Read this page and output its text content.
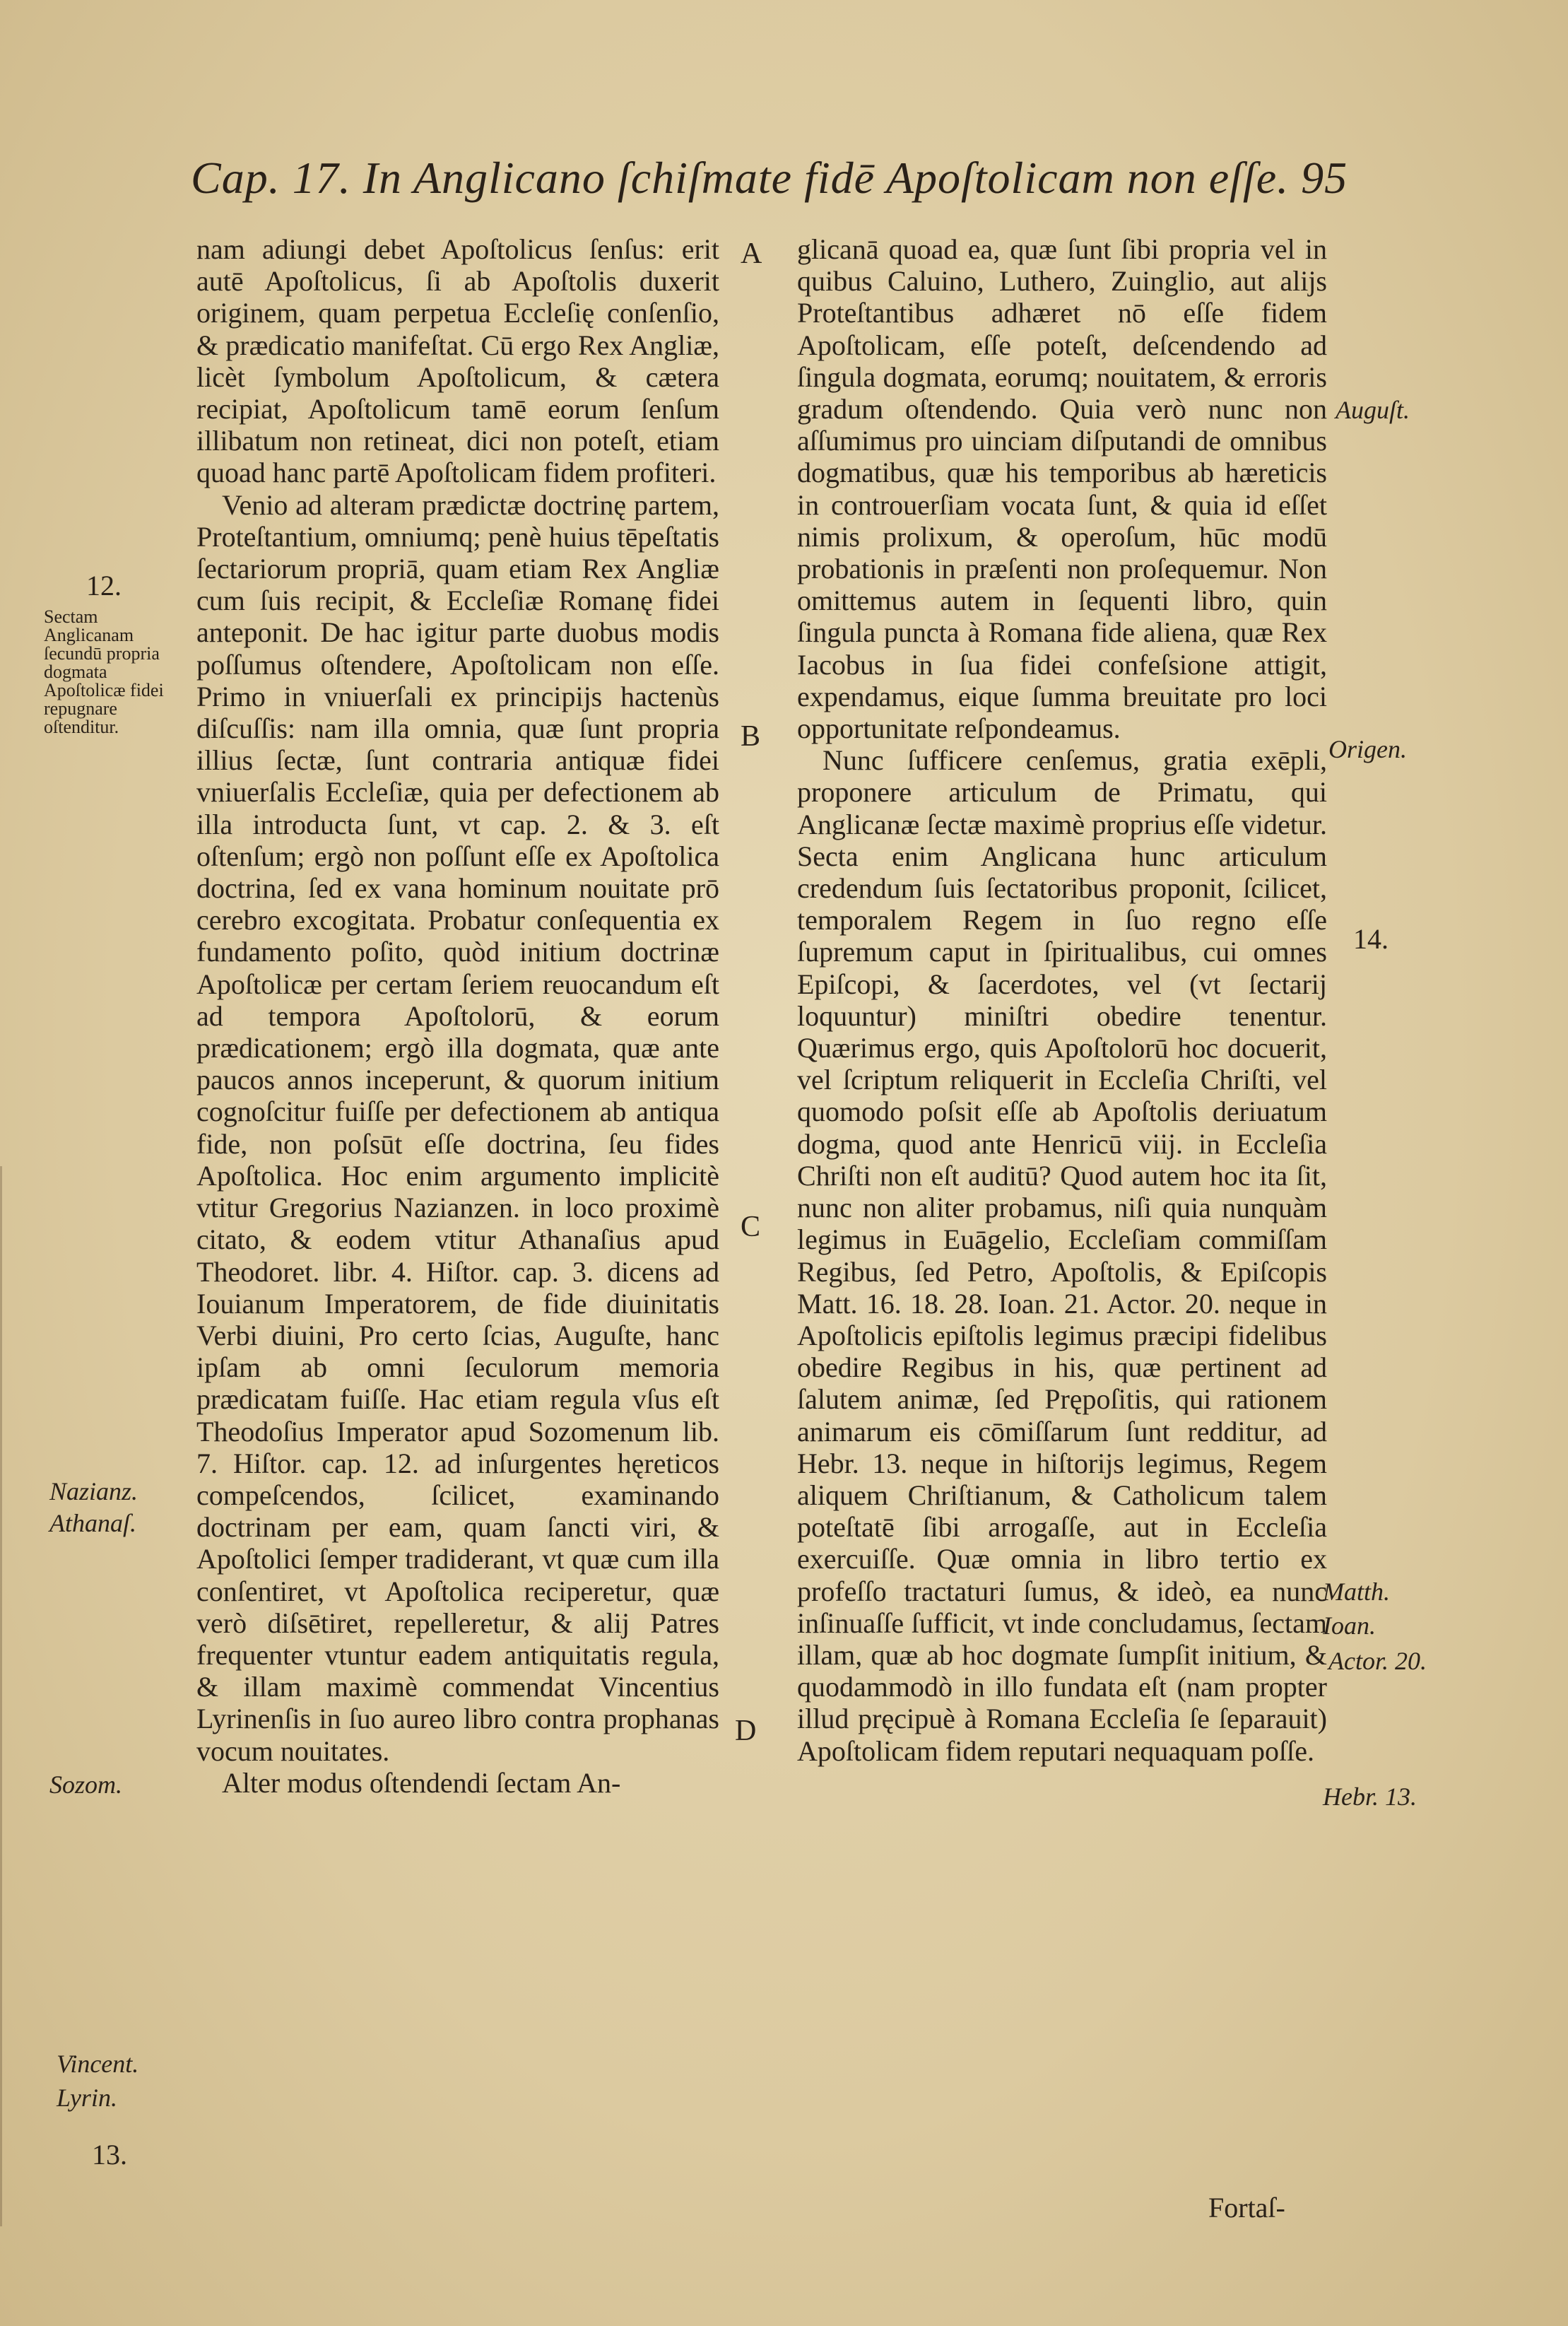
Cap. 17. In Anglicano ſchiſmate fidē Apoſtolicam non eſſe. 95
12.
Sectam Anglicanam ſecundū propria dogmata Apoſtolicæ fidei repugnare oſtenditur.
Nazianz.
Athanaſ.
Sozom.
Vincent.
Lyrin.
13.
A
B
C
D

nam adiungi debet Apoſtolicus ſenſus: erit autē Apoſtolicus, ſi ab Apoſtolis duxerit originem, quam perpetua Eccleſię conſenſio, & prædicatio manifeſtat. Cū ergo Rex Angliæ, licèt ſymbolum Apoſtolicum, & cætera recipiat, Apoſtolicum tamē eorum ſenſum illibatum non retineat, dici non poteſt, etiam quoad hanc partē Apoſtolicam fidem profiteri.

Venio ad alteram prædictæ doctrinę partem, Proteſtantium, omniumq; penè huius tēpeſtatis ſectariorum propriā, quam etiam Rex Angliæ cum ſuis recipit, & Eccleſiæ Romanę fidei anteponit. De hac igitur parte duobus modis poſſumus oſtendere, Apoſtolicam non eſſe. Primo in vniuerſali ex principijs hactenùs diſcuſſis: nam illa omnia, quæ ſunt propria illius ſectæ, ſunt contraria antiquæ fidei vniuerſalis Eccleſiæ, quia per defectionem ab illa introducta ſunt, vt cap. 2. & 3. eſt oſtenſum; ergò non poſſunt eſſe ex Apoſtolica doctrina, ſed ex vana hominum nouitate prō cerebro excogitata. Probatur conſequentia ex fundamento poſito, quòd initium doctrinæ Apoſtolicæ per certam ſeriem reuocandum eſt ad tempora Apoſtolorū, & eorum prædicationem; ergò illa dogmata, quæ ante paucos annos inceperunt, & quorum initium cognoſcitur fuiſſe per defectionem ab antiqua fide, non poſsūt eſſe doctrina, ſeu fides Apoſtolica. Hoc enim argumento implicitè vtitur Gregorius Nazianzen. in loco proximè citato, & eodem vtitur Athanaſius apud Theodoret. libr. 4. Hiſtor. cap. 3. dicens ad Iouianum Imperatorem, de fide diuinitatis Verbi diuini, Pro certo ſcias, Auguſte, hanc ipſam ab omni ſeculorum memoria prædicatam fuiſſe. Hac etiam regula vſus eſt Theodoſius Imperator apud Sozomenum lib. 7. Hiſtor. cap. 12. ad inſurgentes hęreticos compeſcendos, ſcilicet, examinando doctrinam per eam, quam ſancti viri, & Apoſtolici ſemper tradiderant, vt quæ cum illa conſentiret, vt Apoſtolica reciperetur, quæ verò diſsētiret, repelleretur, & alij Patres frequenter vtuntur eadem antiquitatis regula, & illam maximè commendat Vincentius Lyrinenſis in ſuo aureo libro contra prophanas vocum nouitates.

Alter modus oſtendendi ſectam An-

glicanā quoad ea, quæ ſunt ſibi propria vel in quibus Caluino, Luthero, Zuinglio, aut alijs Proteſtantibus adhæret nō eſſe fidem Apoſtolicam, eſſe poteſt, deſcendendo ad ſingula dogmata, eorumq; nouitatem, & erroris gradum oſtendendo. Quia verò nunc non aſſumimus pro uinciam diſputandi de omnibus dogmatibus, quæ his temporibus ab hæreticis in controuerſiam vocata ſunt, & quia id eſſet nimis prolixum, & operoſum, hūc modū probationis in præſenti non proſequemur. Non omittemus autem in ſequenti libro, quin ſingula puncta à Romana fide aliena, quæ Rex Iacobus in ſua fidei confeſsione attigit, expendamus, eique ſumma breuitate pro loci opportunitate reſpondeamus.

Nunc ſufficere cenſemus, gratia exēpli, proponere articulum de Primatu, qui Anglicanæ ſectæ maximè proprius eſſe videtur. Secta enim Anglicana hunc articulum credendum ſuis ſectatoribus proponit, ſcilicet, temporalem Regem in ſuo regno eſſe ſupremum caput in ſpiritualibus, cui omnes Epiſcopi, & ſacerdotes, vel (vt ſectarij loquuntur) miniſtri obedire tenentur. Quærimus ergo, quis Apoſtolorū hoc docuerit, vel ſcriptum reliquerit in Eccleſia Chriſti, vel quomodo poſsit eſſe ab Apoſtolis deriuatum dogma, quod ante Henricū viij. in Eccleſia Chriſti non eſt auditū? Quod autem hoc ita ſit, nunc non aliter probamus, niſi quia nunquàm legimus in Euāgelio, Eccleſiam commiſſam Regibus, ſed Petro, Apoſtolis, & Epiſcopis Matt. 16. 18. 28. Ioan. 21. Actor. 20. neque in Apoſtolicis epiſtolis legimus præcipi fidelibus obedire Regibus in his, quæ pertinent ad ſalutem animæ, ſed Prępoſitis, qui rationem animarum eis cōmiſſarum ſunt redditur, ad Hebr. 13. neque in hiſtorijs legimus, Regem aliquem Chriſtianum, & Catholicum talem poteſtatē ſibi arrogaſſe, aut in Eccleſia exercuiſſe. Quæ omnia in libro tertio ex profeſſo tractaturi ſumus, & ideò, ea nunc inſinuaſſe ſufficit, vt inde concludamus, ſectam illam, quæ ab hoc dogmate ſumpſit initium, & quodammodò in illo fundata eſt (nam propter illud pręcipuè à Romana Eccleſia ſe ſeparauit) Apoſtolicam fidem reputari nequaquam poſſe.

Auguſt.
Origen.
14.
Matth.
Ioan.
Actor. 20.
Hebr. 13.
Fortaſ-
